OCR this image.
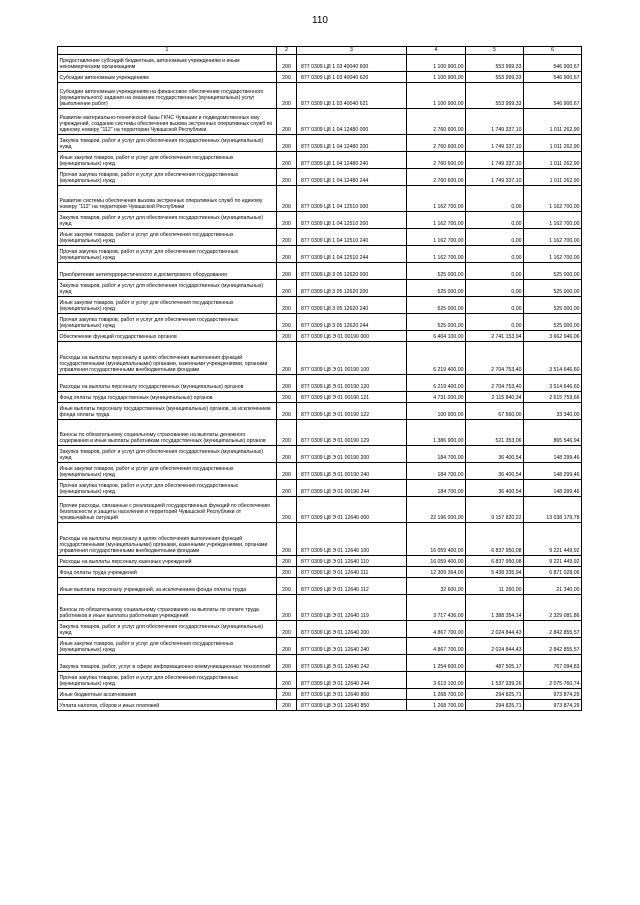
110
1	2	3	4	5	6
Предоставление субсидий бюджетным, автономным учреждениям и иным некоммерческим организациям	200	877 0309 Ц8 1 03 40040 600	1 100 900,00	553 999,33	546 900,67
Субсидии автономным учреждениям	200	877 0309 Ц8 1 03 40040 620	1 100 900,00	553 999,33	546 900,67
Субсидии автономным учреждениям на финансовое обеспечение государственного (муниципального) задания на оказание государственных (муниципальных) услуг (выполнение работ)	200	877 0309 Ц8 1 03 40040 621	1 100 900,00	553 999,33	546 900,67
Развитие материально-технической базы ГКЧС Чувашии и подведомственных ему учреждений, создание системы обеспечения вызова экстренных оперативных служб по единому номеру "112" на территории Чувашской Республики	200	877 0309 Ц8 1 04 12480 000	2 760 600,00	1 749 337,10	1 011 262,90
Закупка товаров, работ и услуг для обеспечения государственных (муниципальных) нужд	200	877 0309 Ц8 1 04 12480 200	2 760 600,00	1 749 337,10	1 011 262,90
Иные закупки товаров, работ и услуг для обеспечения государственных (муниципальных) нужд	200	877 0309 Ц8 1 04 12480 240	2 760 600,00	1 749 337,10	1 011 262,90
Прочая закупка товаров, работ и услуг для обеспечения государственных (муниципальных) нужд	200	877 0309 Ц8 1 04 12480 244	2 760 600,00	1 749 337,10	1 011 262,90
Развитие системы обеспечения вызова экстренных оперативных служб по единому номеру "112" на территории Чувашской Республики	200	877 0309 Ц8 1 04 12510 000	1 162 700,00	0,00	1 162 700,00
Закупка товаров, работ и услуг для обеспечения государственных (муниципальных) нужд	200	877 0309 Ц8 1 04 12510 200	1 162 700,00	0,00	1 162 700,00
Иные закупки товаров, работ и услуг для обеспечения государственных (муниципальных) нужд	200	877 0309 Ц8 1 04 12510 240	1 162 700,00	0,00	1 162 700,00
Прочая закупка товаров, работ и услуг для обеспечения государственных (муниципальных) нужд	200	877 0309 Ц8 1 04 12510 244	1 162 700,00	0,00	1 162 700,00
Приобретение антитеррористического и досмотрового оборудования	200	877 0309 Ц8 3 05 12620 000	525 000,00	0,00	525 000,00
Закупка товаров, работ и услуг для обеспечения государственных (муниципальных) нужд	200	877 0309 Ц8 3 05 12620 200	525 000,00	0,00	525 000,00
Иные закупки товаров, работ и услуг для обеспечения государственных (муниципальных) нужд	200	877 0309 Ц8 3 05 12620 240	525 000,00	0,00	525 000,00
Прочая закупка товаров, работ и услуг для обеспечения государственных (муниципальных) нужд	200	877 0309 Ц8 3 05 12620 244	525 000,00	0,00	525 000,00
Обеспечение функций государственных органов	200	877 0309 Ц8 Э 01 00190 000	6 404 100,00	2 741 153,94	3 662 946,06
Расходы на выплаты персоналу в целях обеспечения выполнения функций государственными (муниципальными) органами, казенными учреждениями, органами управления государственными внебюджетными фондами	200	877 0309 Ц8 Э 01 00190 100	6 219 400,00	2 704 753,40	3 514 646,60
Расходы на выплаты персоналу государственных (муниципальных) органов	200	877 0309 Ц8 Э 01 00190 120	6 219 400,00	2 704 753,40	3 514 646,60
Фонд оплаты труда государственных (муниципальных) органов	200	877 0309 Ц8 Э 01 00190 121	4 731 000,00	2 115 840,34	2 615 759,66
Иные выплаты персоналу государственных (муниципальных) органов, за исключением фонда оплаты труда	200	877 0309 Ц8 Э 01 00190 122	100 900,00	67 560,00	33 340,00
Взносы по обязательному социальному страхованию на выплаты денежного содержания и иные выплаты работникам государственных (муниципальных) органов	200	877 0309 Ц8 Э 01 00190 129	1 386 900,00	521 353,06	865 546,94
Закупка товаров, работ и услуг для обеспечения государственных (муниципальных) нужд	200	877 0309 Ц8 Э 01 00190 200	184 700,00	36 400,54	148 299,46
Иные закупки товаров, работ и услуг для обеспечения государственных (муниципальных) нужд	200	877 0309 Ц8 Э 01 00190 240	184 700,00	36 400,54	148 299,46
Прочая закупка товаров, работ и услуг для обеспечения государственных (муниципальных) нужд	200	877 0309 Ц8 Э 01 00190 244	184 700,00	36 400,54	148 299,46
Прочие расходы, связанные с реализацией государственных функций по обеспечению безопасности и защиты населения и территорий Чувашской Республики от чрезвычайных ситуаций	200	877 0309 Ц8 Э 01 12640 000	22 196 000,00	9 157 820,22	13 038 179,78
Расходы на выплаты персоналу в целях обеспечения выполнения функций государственными (муниципальными) органами, казенными учреждениями, органами управления государственными внебюджетными фондами	200	877 0309 Ц8 Э 01 12640 100	16 059 400,00	6 837 950,08	9 221 449,92
Расходы на выплаты персоналу казенных учреждений	200	877 0309 Ц8 Э 01 12640 110	16 059 400,00	6 837 950,08	9 221 449,92
Фонд оплаты труда учреждений	200	877 0309 Ц8 Э 01 12640 111	12 309 364,00	5 438 335,94	6 871 028,06
Иные выплаты персоналу учреждений, за исключением фонда оплаты труда	200	877 0309 Ц8 Э 01 12640 112	32 600,00	11 260,00	21 340,00
Взносы по обязательному социальному страхованию на выплаты по оплате труда работников и иные выплаты работникам учреждений	200	877 0309 Ц8 Э 01 12640 119	3 717 436,00	1 388 354,14	2 329 081,86
Закупка товаров, работ и услуг для обеспечения государственных (муниципальных) нужд	200	877 0309 Ц8 Э 01 12640 200	4 867 700,00	2 024 844,43	2 842 855,57
Иные закупки товаров, работ и услуг для обеспечения государственных (муниципальных) нужд	200	877 0309 Ц8 Э 01 12640 240	4 867 700,00	2 024 844,43	2 842 855,57
Закупка товаров, работ, услуг в сфере информационно-коммуникационных технологий	200	877 0309 Ц8 Э 01 12640 242	1 254 600,00	487 505,17	767 094,83
Прочая закупка товаров, работ и услуг для обеспечения государственных (муниципальных) нужд	200	877 0309 Ц8 Э 01 12640 244	3 613 100,00	1 537 339,26	2 075 760,74
Иные бюджетные ассигнования	200	877 0309 Ц8 Э 01 12640 800	1 268 700,00	294 825,71	973 874,29
Уплата налогов, сборов и иных платежей	200	877 0309 Ц8 Э 01 12640 850	1 268 700,00	294 825,71	973 874,29
